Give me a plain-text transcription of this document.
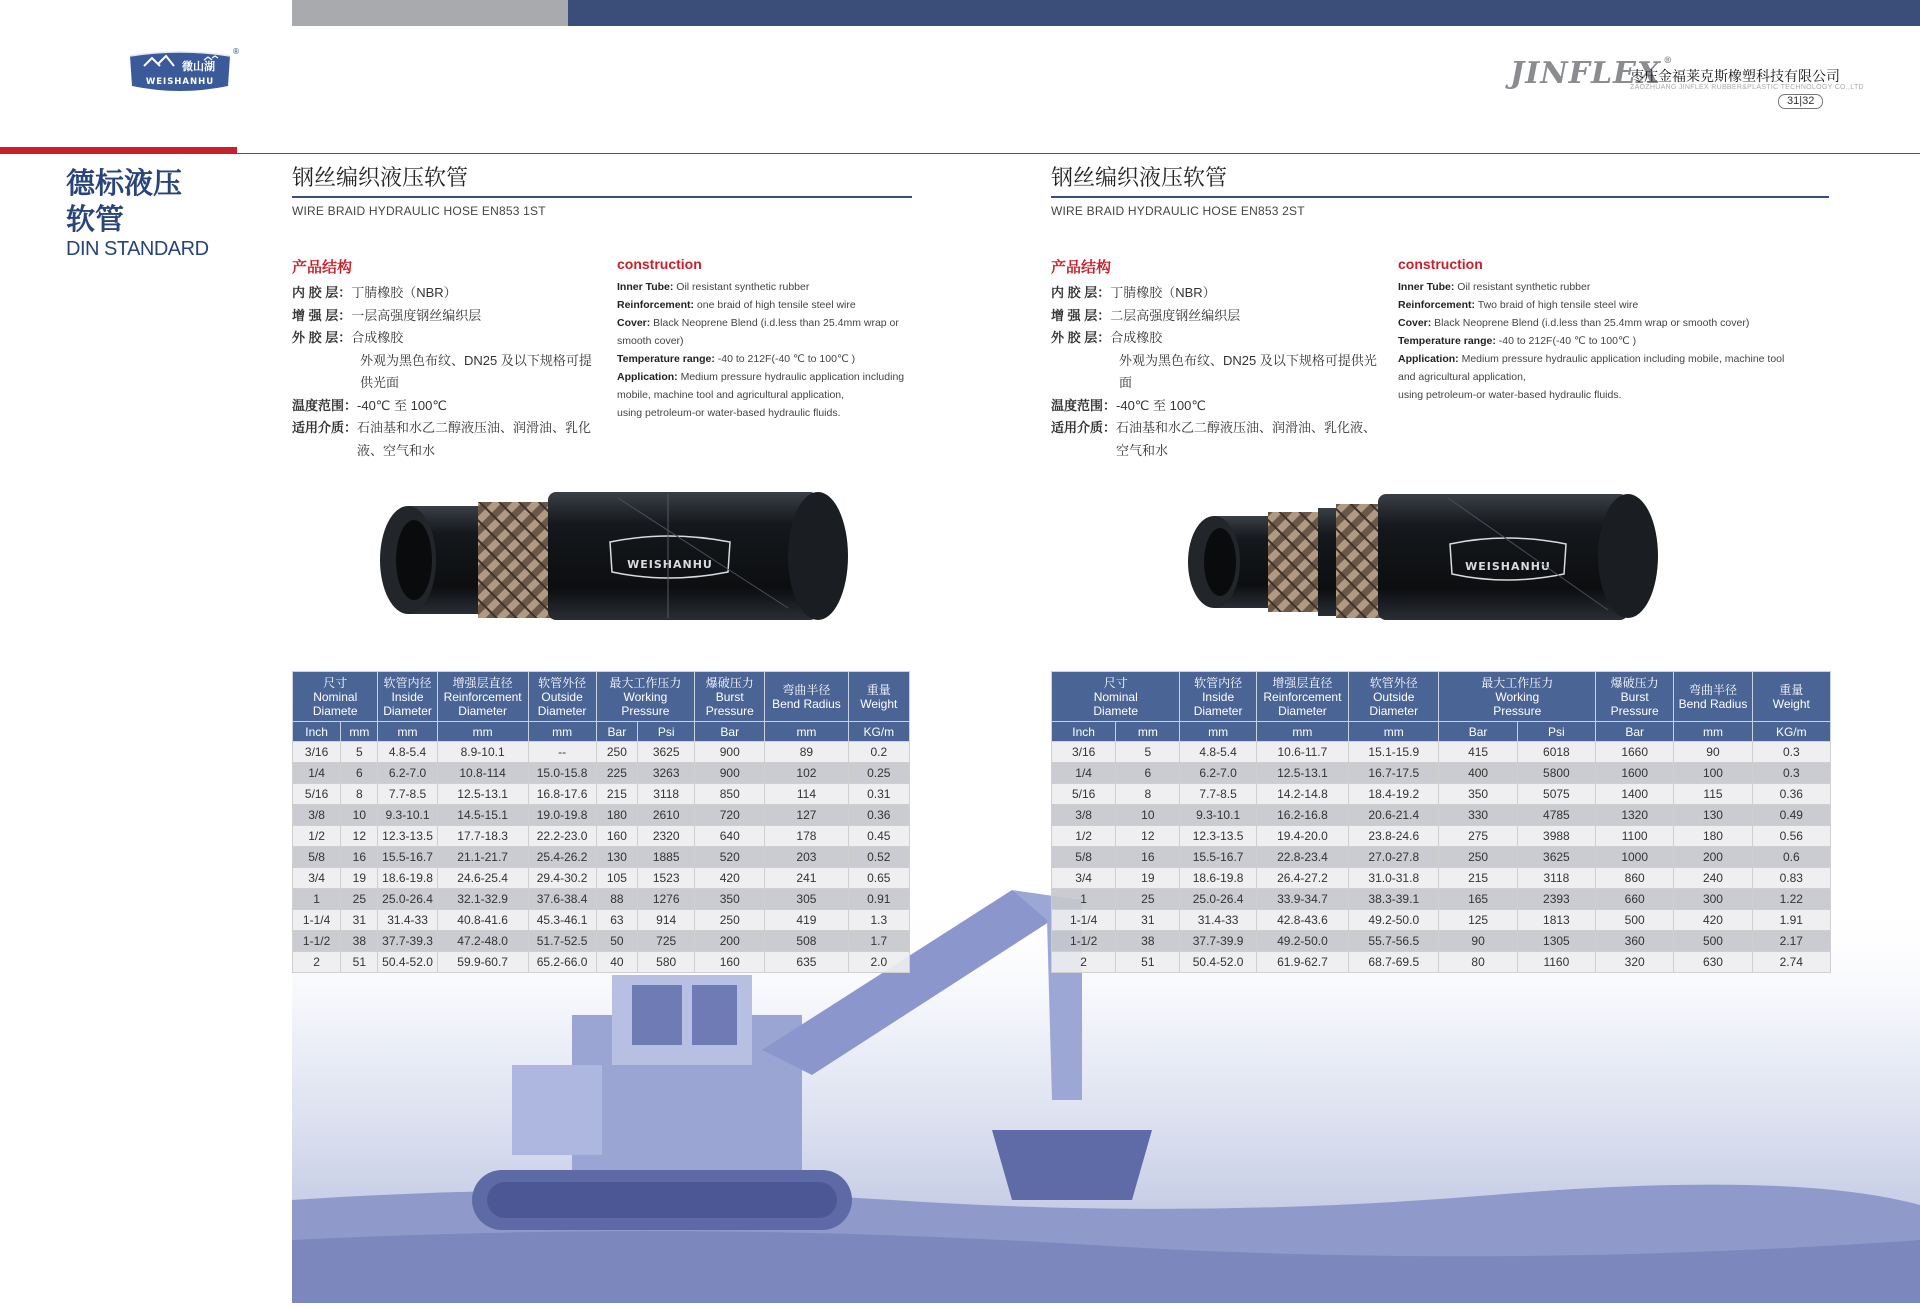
微山湖
WEISHANHU
®
JINFLEX ®
枣庄金福莱克斯橡塑科技有限公司
ZAOZHUANG JINFLEX RUBBER&PLASTIC TECHNOLOGY CO.,LTD
31|32
德标液压
软管
DIN STANDARD
钢丝编织液压软管
WIRE BRAID HYDRAULIC HOSE EN853 1ST
产品结构
内 胶 层： 丁腈橡胶（NBR）
增 强 层： 一层高强度钢丝编织层
外 胶 层： 合成橡胶
外观为黑色布纹、DN25 及以下规格可提供光面
温度范围： -40℃ 至 100℃
适用介质： 石油基和水乙二醇液压油、润滑油、乳化液、空气和水
construction
Inner Tube: Oil resistant synthetic rubber
Reinforcement: one braid of high tensile steel wire
Cover: Black Neoprene Blend (i.d.less than 25.4mm wrap or smooth cover)
Temperature range: -40 to 212F(-40 ℃ to 100℃ )
Application: Medium pressure hydraulic application including mobile, machine tool and agricultural application,
using petroleum-or water-based hydraulic fluids.
WEISHANHU
尺寸
Nominal
Diamete		软管内径
Inside
Diameter	增强层直径
Reinforcement
Diameter	软管外径
Outside
Diameter	最大工作压力
Working
Pressure		爆破压力
Burst
Pressure	弯曲半径
Bend Radius	重量
Weight
Inch	mm	mm	mm	mm	Bar	Psi	Bar	mm	KG/m
3/16	5	4.8-5.4	8.9-10.1	--	250	3625	900	89	0.2
1/4	6	6.2-7.0	10.8-114	15.0-15.8	225	3263	900	102	0.25
5/16	8	7.7-8.5	12.5-13.1	16.8-17.6	215	3118	850	114	0.31
3/8	10	9.3-10.1	14.5-15.1	19.0-19.8	180	2610	720	127	0.36
1/2	12	12.3-13.5	17.7-18.3	22.2-23.0	160	2320	640	178	0.45
5/8	16	15.5-16.7	21.1-21.7	25.4-26.2	130	1885	520	203	0.52
3/4	19	18.6-19.8	24.6-25.4	29.4-30.2	105	1523	420	241	0.65
1	25	25.0-26.4	32.1-32.9	37.6-38.4	88	1276	350	305	0.91
1-1/4	31	31.4-33	40.8-41.6	45.3-46.1	63	914	250	419	1.3
1-1/2	38	37.7-39.3	47.2-48.0	51.7-52.5	50	725	200	508	1.7
2	51	50.4-52.0	59.9-60.7	65.2-66.0	40	580	160	635	2.0
钢丝编织液压软管
WIRE BRAID HYDRAULIC HOSE EN853 2ST
产品结构
内 胶 层： 丁腈橡胶（NBR）
增 强 层： 二层高强度钢丝编织层
外 胶 层： 合成橡胶
外观为黑色布纹、DN25 及以下规格可提供光面
温度范围： -40℃ 至 100℃
适用介质： 石油基和水乙二醇液压油、润滑油、乳化液、空气和水
construction
Inner Tube: Oil resistant synthetic rubber
Reinforcement: Two braid of high tensile steel wire
Cover: Black Neoprene Blend (i.d.less than 25.4mm wrap or smooth cover)
Temperature range: -40 to 212F(-40 ℃ to 100℃ )
Application: Medium pressure hydraulic application including mobile, machine tool and agricultural application,
using petroleum-or water-based hydraulic fluids.
WEISHANHU
尺寸
Nominal
Diamete		软管内径
Inside
Diameter	增强层直径
Reinforcement
Diameter	软管外径
Outside
Diameter	最大工作压力
Working
Pressure		爆破压力
Burst
Pressure	弯曲半径
Bend Radius	重量
Weight
Inch	mm	mm	mm	mm	Bar	Psi	Bar	mm	KG/m
3/16	5	4.8-5.4	10.6-11.7	15.1-15.9	415	6018	1660	90	0.3
1/4	6	6.2-7.0	12.5-13.1	16.7-17.5	400	5800	1600	100	0.3
5/16	8	7.7-8.5	14.2-14.8	18.4-19.2	350	5075	1400	115	0.36
3/8	10	9.3-10.1	16.2-16.8	20.6-21.4	330	4785	1320	130	0.49
1/2	12	12.3-13.5	19.4-20.0	23.8-24.6	275	3988	1100	180	0.56
5/8	16	15.5-16.7	22.8-23.4	27.0-27.8	250	3625	1000	200	0.6
3/4	19	18.6-19.8	26.4-27.2	31.0-31.8	215	3118	860	240	0.83
1	25	25.0-26.4	33.9-34.7	38.3-39.1	165	2393	660	300	1.22
1-1/4	31	31.4-33	42.8-43.6	49.2-50.0	125	1813	500	420	1.91
1-1/2	38	37.7-39.9	49.2-50.0	55.7-56.5	90	1305	360	500	2.17
2	51	50.4-52.0	61.9-62.7	68.7-69.5	80	1160	320	630	2.74
